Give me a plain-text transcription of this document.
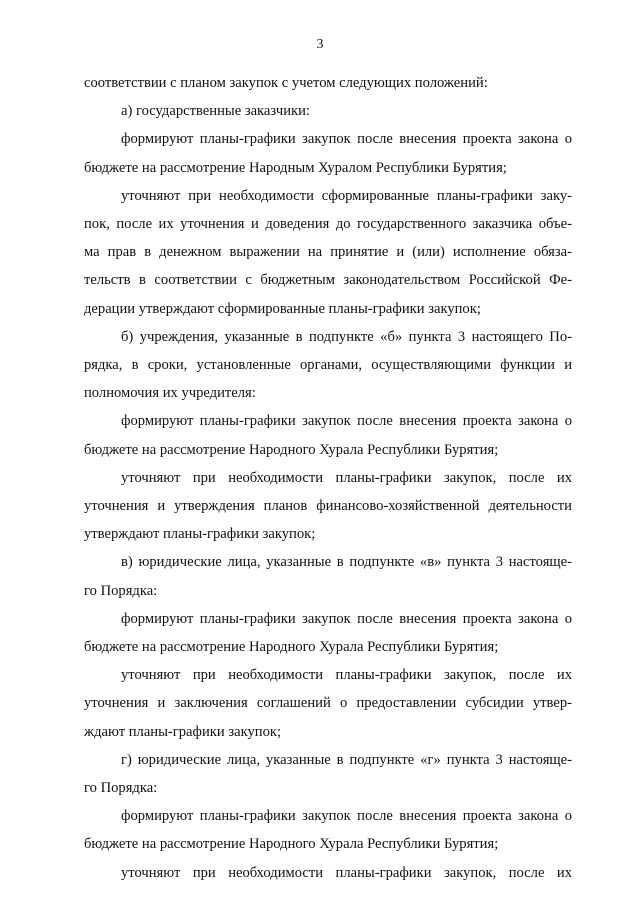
3
соответствии с планом закупок с учетом следующих положений:
а) государственные заказчики:
формируют планы-графики закупок после внесения проекта закона о
бюджете на рассмотрение Народным Хуралом Республики Бурятия;
уточняют при необходимости сформированные планы-графики заку-
пок, после их уточнения и доведения до государственного заказчика объе-
ма прав в денежном выражении на принятие и (или) исполнение обяза-
тельств в соответствии с бюджетным законодательством Российской Фе-
дерации утверждают сформированные планы-графики закупок;
б) учреждения, указанные в подпункте «б» пункта 3 настоящего По-
рядка, в сроки, установленные органами, осуществляющими функции и
полномочия их учредителя:
формируют планы-графики закупок после внесения проекта закона о
бюджете на рассмотрение Народного Хурала Республики Бурятия;
уточняют при необходимости планы-графики закупок, после их
уточнения и утверждения планов финансово-хозяйственной деятельности
утверждают планы-графики закупок;
в) юридические лица, указанные в подпункте «в» пункта 3 настояще-
го Порядка:
формируют планы-графики закупок после внесения проекта закона о
бюджете на рассмотрение Народного Хурала Республики Бурятия;
уточняют при необходимости планы-графики закупок, после их
уточнения и заключения соглашений о предоставлении субсидии утвер-
ждают планы-графики закупок;
г) юридические лица, указанные в подпункте «г» пункта 3 настояще-
го Порядка:
формируют планы-графики закупок после внесения проекта закона о
бюджете на рассмотрение Народного Хурала Республики Бурятия;
уточняют при необходимости планы-графики закупок, после их
